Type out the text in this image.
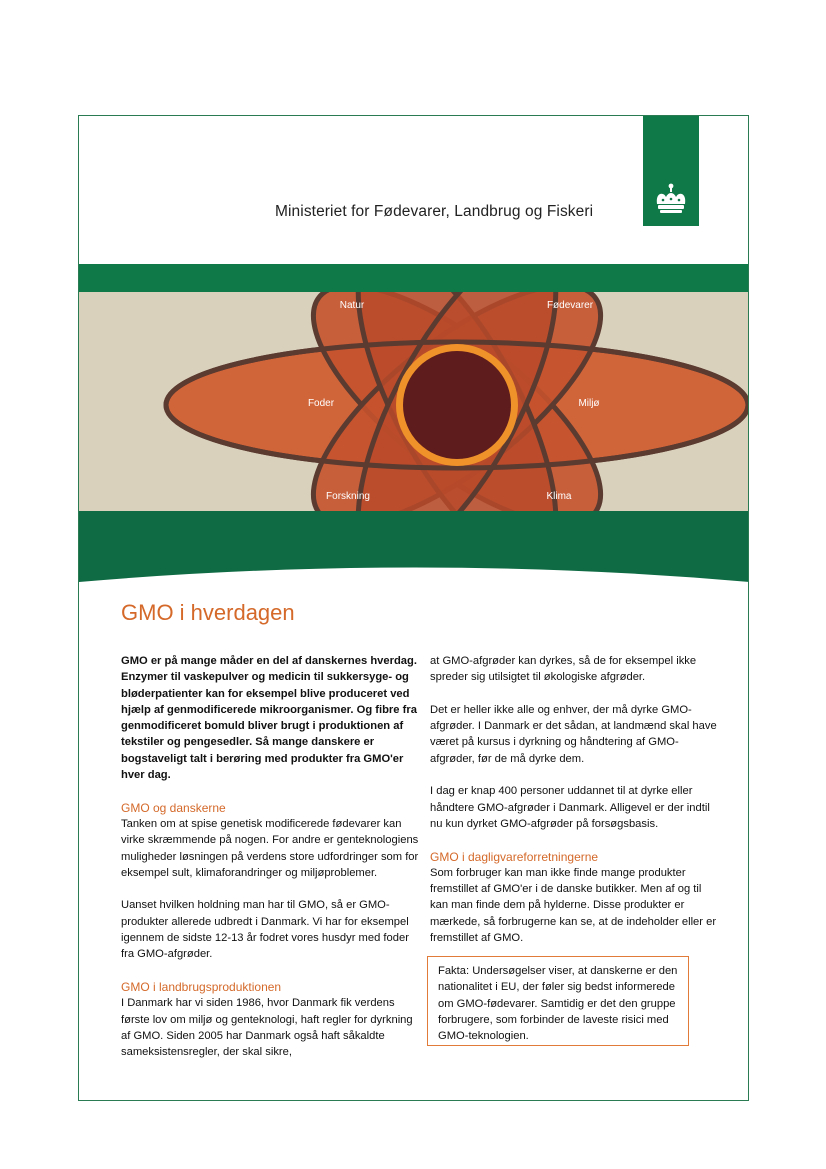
Ministeriet for Fødevarer, Landbrug og Fiskeri
Natur	Fødevarer
Foder	Miljø
Forskning	Klima
GMO i hverdagen

GMO er på mange måder en del af danskernes hverdag. Enzymer til vaskepulver og medicin til sukkersyge- og bløderpatienter kan for eksempel blive produceret ved hjælp af genmodificerede mikroorganismer. Og fibre fra genmodificeret bomuld bliver brugt i produktionen af tekstiler og pengesedler. Så mange danskere er bogstaveligt talt i berøring med produkter fra GMO'er hver dag.

GMO og danskerne

Tanken om at spise genetisk modificerede fødevarer kan virke skræmmende på nogen. For andre er genteknologiens muligheder løsningen på verdens store udfordringer som for eksempel sult, klimaforandringer og miljøproblemer.

Uanset hvilken holdning man har til GMO, så er GMO-produkter allerede udbredt i Danmark. Vi har for eksempel igennem de sidste 12-13 år fodret vores husdyr med foder fra GMO-afgrøder.

GMO i landbrugsproduktionen

I Danmark har vi siden 1986, hvor Danmark fik verdens første lov om miljø og genteknologi, haft regler for dyrkning af GMO. Siden 2005 har Danmark også haft såkaldte sameksistensregler, der skal sikre,

at GMO-afgrøder kan dyrkes, så de for eksempel ikke spreder sig utilsigtet til økologiske afgrøder.

Det er heller ikke alle og enhver, der må dyrke GMO-afgrøder. I Danmark er det sådan, at landmænd skal have været på kursus i dyrkning og håndtering af GMO-afgrøder, før de må dyrke dem.

I dag er knap 400 personer uddannet til at dyrke eller håndtere GMO-afgrøder i Danmark. Alligevel er der indtil nu kun dyrket GMO-afgrøder på forsøgsbasis.

GMO i dagligvareforretningerne

Som forbruger kan man ikke finde mange produkter fremstillet af GMO'er i de danske butikker. Men af og til kan man finde dem på hylderne. Disse produkter er mærkede, så forbrugerne kan se, at de indeholder eller er fremstillet af GMO.

Fakta: Undersøgelser viser, at danskerne er den nationalitet i EU, der føler sig bedst informerede om GMO-fødevarer. Samtidig er det den gruppe forbrugere, som forbinder de laveste risici med GMO-teknologien.
